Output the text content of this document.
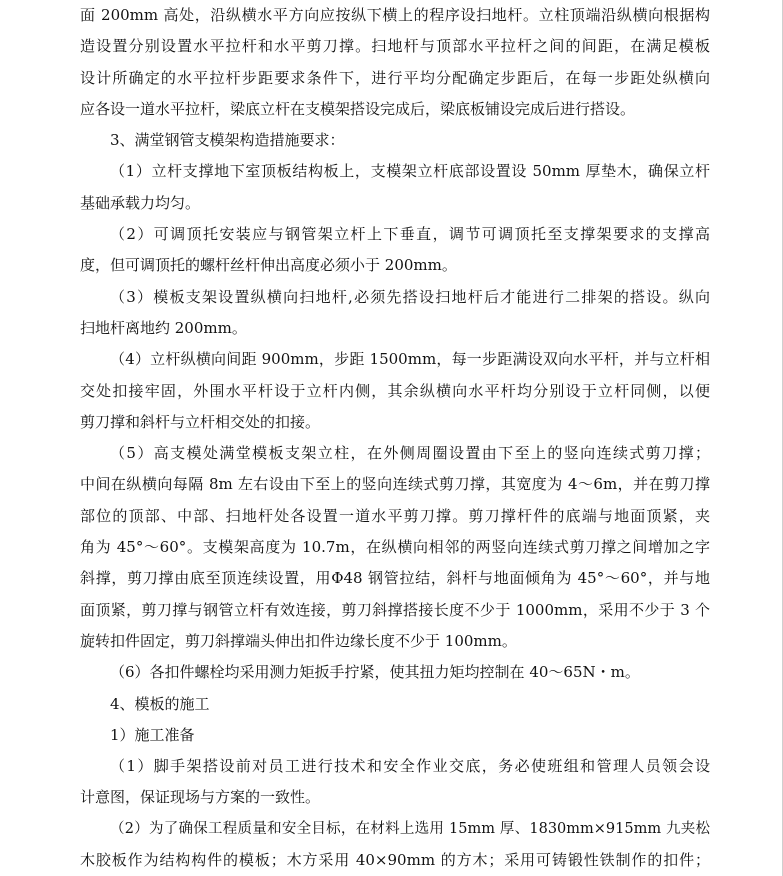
面 200mm 高处，沿纵横水平方向应按纵下横上的程序设扫地杆。立柱顶端沿纵横向根据构
造设置分别设置水平拉杆和水平剪刀撑。扫地杆与顶部水平拉杆之间的间距，在满足模板
设计所确定的水平拉杆步距要求条件下，进行平均分配确定步距后，在每一步距处纵横向
应各设一道水平拉杆，梁底立杆在支模架搭设完成后，梁底板铺设完成后进行搭设。
3、满堂钢管支模架构造措施要求：
（1）立杆支撑地下室顶板结构板上，支模架立杆底部设置设 50mm 厚垫木，确保立杆
基础承载力均匀。
（2）可调顶托安装应与钢管架立杆上下垂直，调节可调顶托至支撑架要求的支撑高
度，但可调顶托的螺杆丝杆伸出高度必须小于 200mm。
（3）模板支架设置纵横向扫地杆,必须先搭设扫地杆后才能进行二排架的搭设。纵向
扫地杆离地约 200mm。
（4）立杆纵横向间距 900mm，步距 1500mm，每一步距满设双向水平杆，并与立杆相
交处扣接牢固，外围水平杆设于立杆内侧，其余纵横向水平杆均分别设于立杆同侧，以便
剪刀撑和斜杆与立杆相交处的扣接。
（5）高支模处满堂模板支架立柱，在外侧周圈设置由下至上的竖向连续式剪刀撑；
中间在纵横向每隔 8m 左右设由下至上的竖向连续式剪刀撑，其宽度为 4～6m，并在剪刀撑
部位的顶部、中部、扫地杆处各设置一道水平剪刀撑。剪刀撑杆件的底端与地面顶紧，夹
角为 45°～60°。支模架高度为 10.7m，在纵横向相邻的两竖向连续式剪刀撑之间增加之字
斜撑，剪刀撑由底至顶连续设置，用Φ48 钢管拉结，斜杆与地面倾角为 45°～60°，并与地
面顶紧，剪刀撑与钢管立杆有效连接，剪刀斜撑搭接长度不少于 1000mm，采用不少于 3 个
旋转扣件固定，剪刀斜撑端头伸出扣件边缘长度不少于 100mm。
（6）各扣件螺栓均采用测力矩扳手拧紧，使其扭力矩均控制在 40～65N・m。
4、模板的施工
1）施工准备
（1）脚手架搭设前对员工进行技术和安全作业交底，务必使班组和管理人员领会设
计意图，保证现场与方案的一致性。
（2）为了确保工程质量和安全目标，在材料上选用 15mm 厚、1830mm×915mm 九夹松
木胶板作为结构构件的模板；木方采用 40×90mm 的方木；采用可铸锻性铁制作的扣件；
